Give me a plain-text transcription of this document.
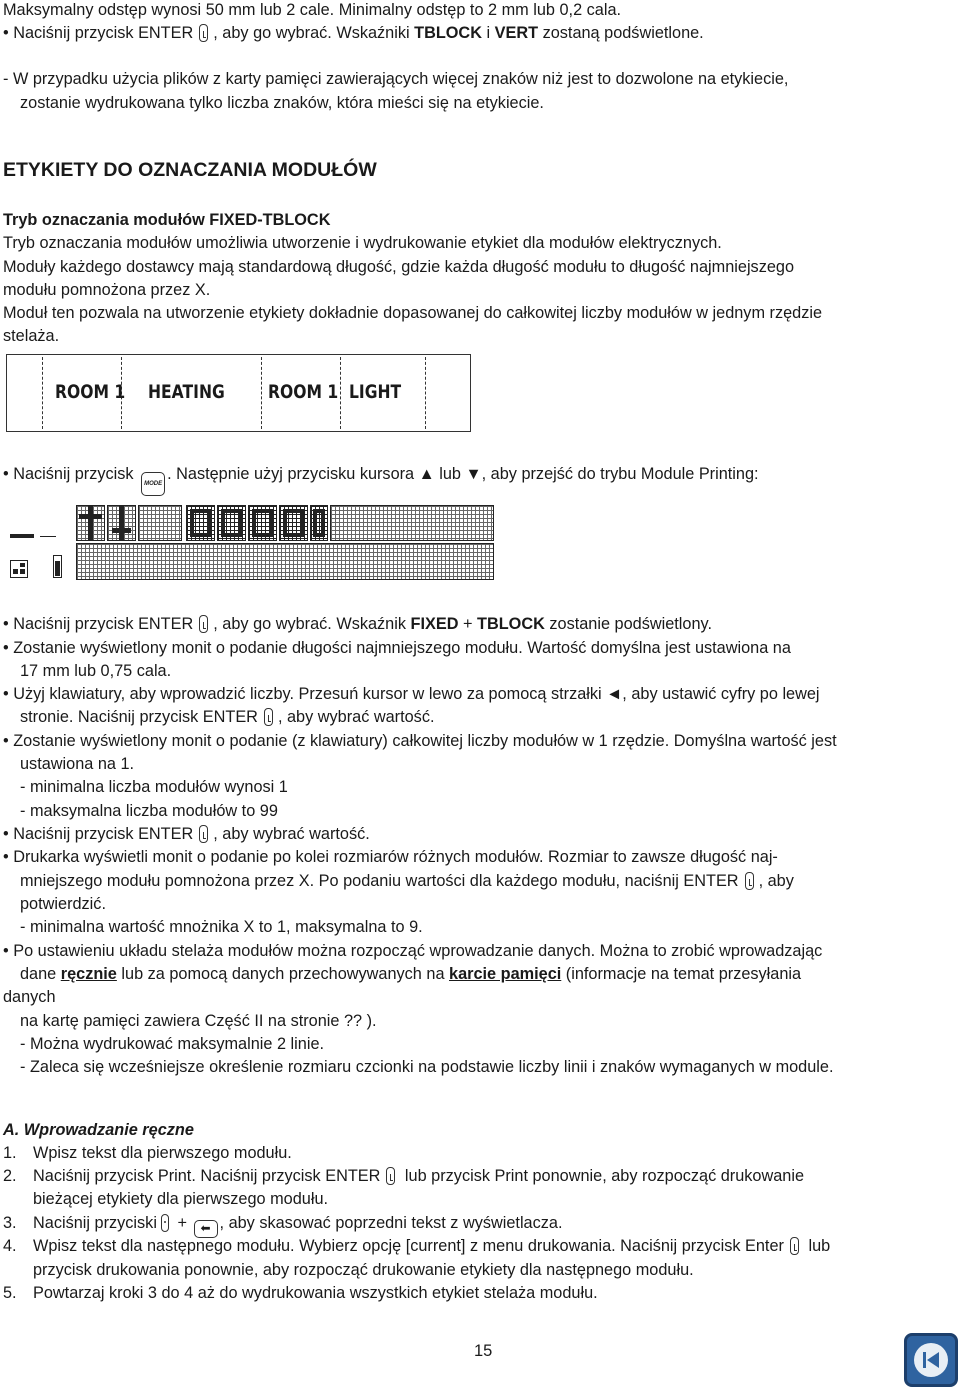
Maksymalny odstęp wynosi 50 mm lub 2 cale. Minimalny odstęp to 2 mm lub 0,2 cala.
• Naciśnij przycisk ENTER , aby go wybrać. Wskaźniki TBLOCK i VERT zostaną podświetlone.
- W przypadku użycia plików z karty pamięci zawierających więcej znaków niż jest to dozwolone na etykiecie,
zostanie wydrukowana tylko liczba znaków, która mieści się na etykiecie.
ETYKIETY DO OZNACZANIA MODUŁÓW
Tryb oznaczania modułów FIXED-TBLOCK
Tryb oznaczania modułów umożliwia utworzenie i wydrukowanie etykiet dla modułów elektrycznych.
Moduły każdego dostawcy mają standardową długość, gdzie każda długość modułu to długość najmniejszego
modułu pomnożona przez X.
Moduł ten pozwala na utworzenie etykiety dokładnie dopasowanej do całkowitej liczby modułów w jednym rzędzie
stelaża.
ROOM 1 HEATING ROOM 1 LIGHT
• Naciśnij przycisk MODE. Następnie użyj przycisku kursora ▲ lub ▼, aby przejść do trybu Module Printing:
• Naciśnij przycisk ENTER , aby go wybrać. Wskaźnik FIXED + TBLOCK zostanie podświetlony.
• Zostanie wyświetlony monit o podanie długości najmniejszego modułu. Wartość domyślna jest ustawiona na
17 mm lub 0,75 cala.
• Użyj klawiatury, aby wprowadzić liczby. Przesuń kursor w lewo za pomocą strzałki ◄, aby ustawić cyfry po lewej
stronie. Naciśnij przycisk ENTER , aby wybrać wartość.
• Zostanie wyświetlony monit o podanie (z klawiatury) całkowitej liczby modułów w 1 rzędzie. Domyślna wartość jest
ustawiona na 1.
- minimalna liczba modułów wynosi 1
- maksymalna liczba modułów to 99
• Naciśnij przycisk ENTER , aby wybrać wartość.
• Drukarka wyświetli monit o podanie po kolei rozmiarów różnych modułów. Rozmiar to zawsze długość naj-
mniejszego modułu pomnożona przez X. Po podaniu wartości dla każdego modułu, naciśnij ENTER , aby
potwierdzić.
- minimalna wartość mnożnika X to 1, maksymalna to 9.
• Po ustawieniu układu stelaża modułów można rozpocząć wprowadzanie danych. Można to zrobić wprowadzając
dane ręcznie lub za pomocą danych przechowywanych na karcie pamięci (informacje na temat przesyłania
danych
na kartę pamięci zawiera Część II na stronie ?? ).
- Można wydrukować maksymalnie 2 linie.
- Zaleca się wcześniejsze określenie rozmiaru czcionki na podstawie liczby linii i znaków wymaganych w module.
A. Wprowadzanie ręczne
1. Wpisz tekst dla pierwszego modułu.
2. Naciśnij przycisk Print. Naciśnij przycisk ENTER lub przycisk Print ponownie, aby rozpocząć drukowanie
bieżącej etykiety dla pierwszego modułu.
3. Naciśnij przyciski + ⬅ , aby skasować poprzedni tekst z wyświetlacza.
4. Wpisz tekst dla następnego modułu. Wybierz opcję [current] z menu drukowania. Naciśnij przycisk Enter lub
przycisk drukowania ponownie, aby rozpocząć drukowanie etykiety dla następnego modułu.
5. Powtarzaj kroki 3 do 4 aż do wydrukowania wszystkich etykiet stelaża modułu.
15
